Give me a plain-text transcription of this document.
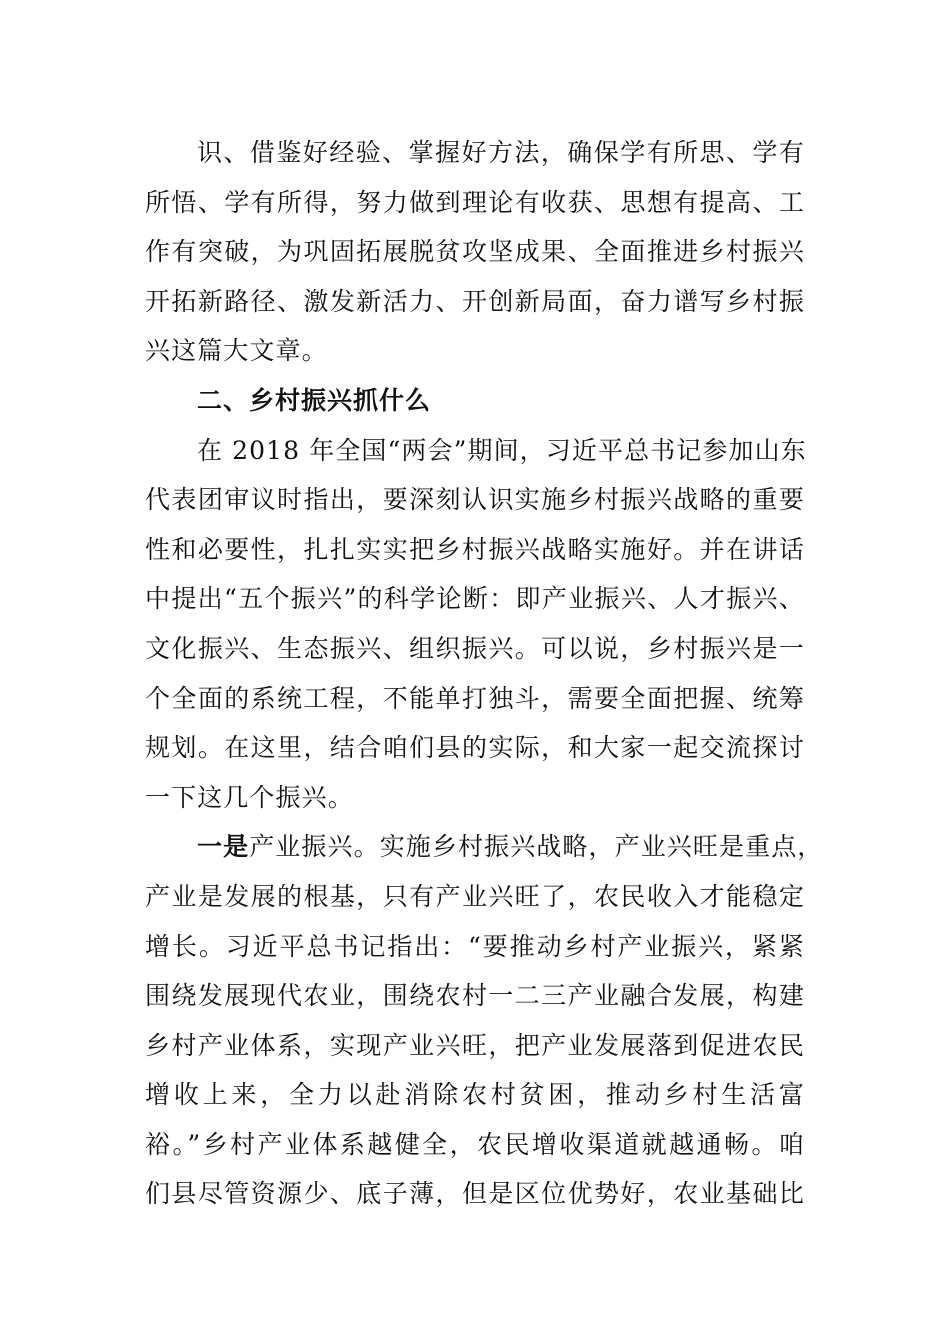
识、借鉴好经验、掌握好方法，确保学有所思、学有
所悟、学有所得，努力做到理论有收获、思想有提高、工
作有突破，为巩固拓展脱贫攻坚成果、全面推进乡村振兴
开拓新路径、激发新活力、开创新局面，奋力谱写乡村振
兴这篇大文章。
二、乡村振兴抓什么
在 2018 年全国“两会”期间，习近平总书记参加山东
代表团审议时指出，要深刻认识实施乡村振兴战略的重要
性和必要性，扎扎实实把乡村振兴战略实施好。并在讲话
中提出“五个振兴”的科学论断：即产业振兴、人才振兴、
文化振兴、生态振兴、组织振兴。可以说，乡村振兴是一
个全面的系统工程，不能单打独斗，需要全面把握、统筹
规划。在这里，结合咱们县的实际，和大家一起交流探讨
一下这几个振兴。
一是产业振兴。实施乡村振兴战略，产业兴旺是重点，
产业是发展的根基，只有产业兴旺了，农民收入才能稳定
增长。习近平总书记指出：“要推动乡村产业振兴，紧紧
围绕发展现代农业，围绕农村一二三产业融合发展，构建
乡村产业体系，实现产业兴旺，把产业发展落到促进农民
增收上来，全力以赴消除农村贫困，推动乡村生活富
裕。”乡村产业体系越健全，农民增收渠道就越通畅。咱
们县尽管资源少、底子薄，但是区位优势好，农业基础比
